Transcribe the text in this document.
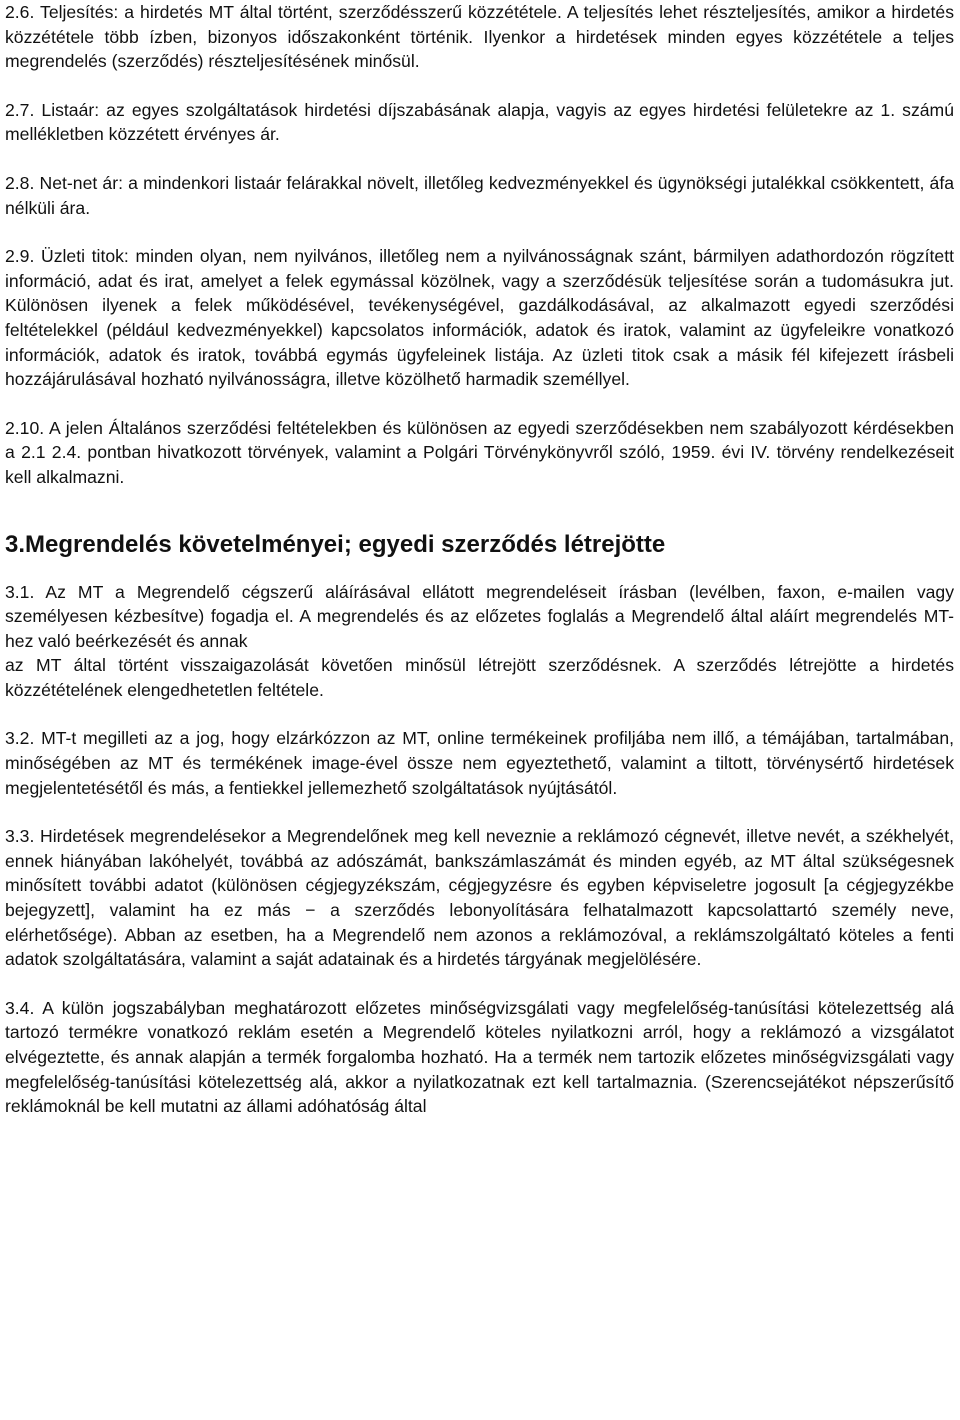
2.6. Teljesítés: a hirdetés MT által történt, szerződésszerű közzététele. A teljesítés lehet részteljesítés, amikor a hirdetés közzététele több ízben, bizonyos időszakonként történik. Ilyenkor a hirdetések minden egyes közzététele a teljes megrendelés (szerződés) részteljesítésének minősül.

2.7. Listaár: az egyes szolgáltatások hirdetési díjszabásának alapja, vagyis az egyes hirdetési felületekre az 1. számú mellékletben közzétett érvényes ár.

2.8. Net-net ár: a mindenkori listaár felárakkal növelt, illetőleg kedvezményekkel és ügynökségi jutalékkal csökkentett, áfa nélküli ára.

2.9. Üzleti titok: minden olyan, nem nyilvános, illetőleg nem a nyilvánosságnak szánt, bármilyen adathordozón rögzített információ, adat és irat, amelyet a felek egymással közölnek, vagy a szerződésük teljesítése során a tudomásukra jut. Különösen ilyenek a felek működésével, tevékenységével, gazdálkodásával, az alkalmazott egyedi szerződési feltételekkel (például kedvezményekkel) kapcsolatos információk, adatok és iratok, valamint az ügyfeleikre vonatkozó információk, adatok és iratok, továbbá egymás ügyfeleinek listája. Az üzleti titok csak a másik fél kifejezett írásbeli hozzájárulásával hozható nyilvánosságra, illetve közölhető harmadik személlyel.

2.10. A jelen Általános szerződési feltételekben és különösen az egyedi szerződésekben nem szabályozott kérdésekben a 2.1 2.4. pontban hivatkozott törvények, valamint a Polgári Törvénykönyvről szóló, 1959. évi IV. törvény rendelkezéseit kell alkalmazni.

3.Megrendelés követelményei; egyedi szerződés létrejötte

3.1. Az MT a Megrendelő cégszerű aláírásával ellátott megrendeléseit írásban (levélben, faxon, e-mailen vagy személyesen kézbesítve) fogadja el. A megrendelés és az előzetes foglalás a Megrendelő által aláírt megrendelés MT-hez való beérkezését és annak

az MT által történt visszaigazolását követően minősül létrejött szerződésnek. A szerződés létrejötte a hirdetés közzétételének elengedhetetlen feltétele.

3.2. MT-t megilleti az a jog, hogy elzárkózzon az MT, online termékeinek profiljába nem illő, a témájában, tartalmában, minőségében az MT és termékének image-ével össze nem egyeztethető, valamint a tiltott, törvénysértő hirdetések megjelentetésétől és más, a fentiekkel jellemezhető szolgáltatások nyújtásától.

3.3. Hirdetések megrendelésekor a Megrendelőnek meg kell neveznie a reklámozó cégnevét, illetve nevét, a székhelyét, ennek hiányában lakóhelyét, továbbá az adószámát, bankszámlaszámát és minden egyéb, az MT által szükségesnek minősített további adatot (különösen cégjegyzékszám, cégjegyzésre és egyben képviseletre jogosult [a cégjegyzékbe bejegyzett], valamint ha ez más − a szerződés lebonyolítására felhatalmazott kapcsolattartó személy neve, elérhetősége). Abban az esetben, ha a Megrendelő nem azonos a reklámozóval, a reklámszolgáltató köteles a fenti adatok szolgáltatására, valamint a saját adatainak és a hirdetés tárgyának megjelölésére.

3.4. A külön jogszabályban meghatározott előzetes minőségvizsgálati vagy megfelelőség-tanúsítási kötelezettség alá tartozó termékre vonatkozó reklám esetén a Megrendelő köteles nyilatkozni arról, hogy a reklámozó a vizsgálatot elvégeztette, és annak alapján a termék forgalomba hozható. Ha a termék nem tartozik előzetes minőségvizsgálati vagy megfelelőség-tanúsítási kötelezettség alá, akkor a nyilatkozatnak ezt kell tartalmaznia. (Szerencsejátékot népszerűsítő reklámoknál be kell mutatni az állami adóhatóság által
